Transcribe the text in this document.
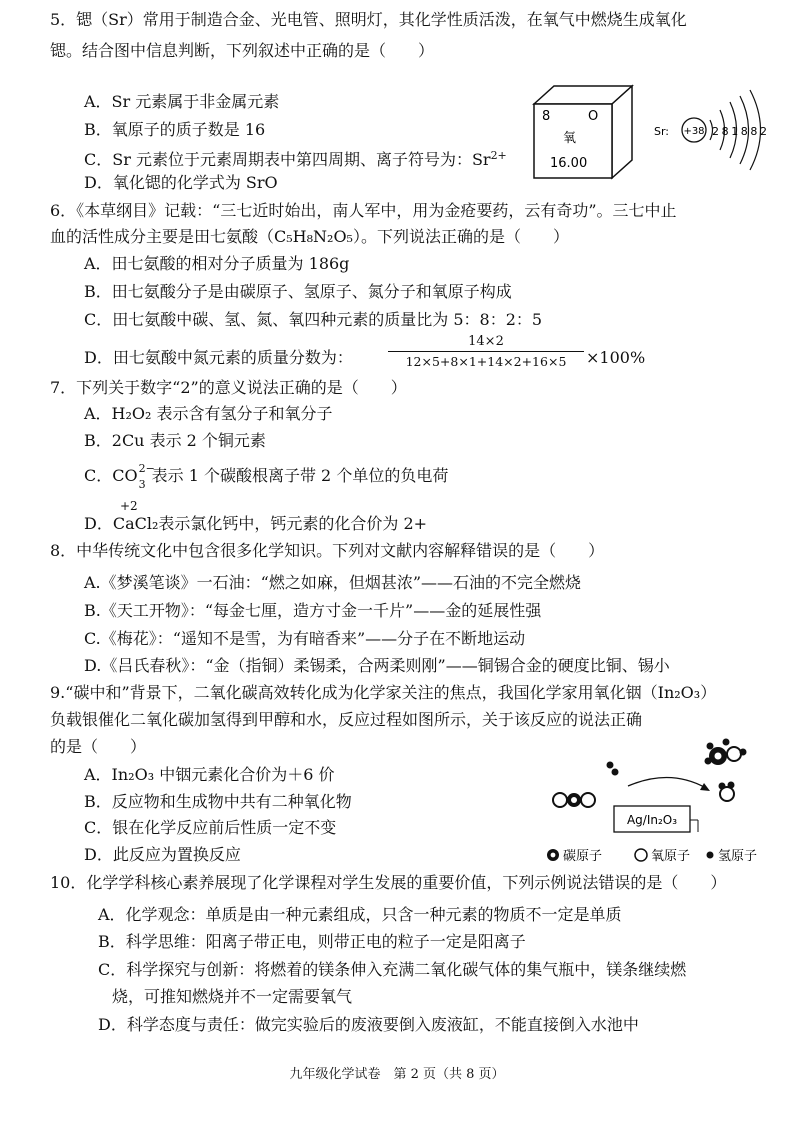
5．锶（Sr）常用于制造合金、光电管、照明灯，其化学性质活泼，在氧气中燃烧生成氧化
锶。结合图中信息判断，下列叙述中正确的是（　　）
A．Sr 元素属于非金属元素
B．氧原子的质子数是 16
C．Sr 元素位于元素周期表中第四周期、离子符号为：$Sr^{2+}$
D．氧化锶的化学式为 SrO
8	O
氧
16.00
Sr: +38 281882
6．《本草纲目》记载：“三七近时始出，南人军中，用为金疮要药，云有奇功”。三七中止
血的活性成分主要是田七氨酸（C₅H₈N₂O₅）。下列说法正确的是（　　）
A．田七氨酸的相对分子质量为 186g
B．田七氨酸分子是由碳原子、氢原子、氮分子和氧原子构成
C．田七氨酸中碳、氢、氮、氧四种元素的质量比为 5：8：2：5
D．田七氨酸中氮元素的质量分数为：
14×2
12×5+8×1+14×2+16×5	×100%
7．下列关于数字“2”的意义说法正确的是（　　）
A．H₂O₂ 表示含有氢分子和氧分子
B．2Cu 表示 2 个铜元素
C．CO 2−
3 表示 1 个碳酸根离子带 2 个单位的负电荷
+2
D．CaCl₂表示氯化钙中，钙元素的化合价为 2+
8．中华传统文化中包含很多化学知识。下列对文献内容解释错误的是（　　）
A.《梦溪笔谈》一石油：“燃之如麻，但烟甚浓”——石油的不完全燃烧
B.《天工开物》：“每金七厘，造方寸金一千片”——金的延展性强
C.《梅花》：“遥知不是雪，为有暗香来”——分子在不断地运动
D.《吕氏春秋》：“金（指铜）柔锡柔，合两柔则刚”——铜锡合金的硬度比铜、锡小
9.“碳中和”背景下，二氧化碳高效转化成为化学家关注的焦点，我国化学家用氧化铟（In₂O₃）
负载银催化二氧化碳加氢得到甲醇和水，反应过程如图所示，关于该反应的说法正确
的是（　　）
A．In₂O₃ 中铟元素化合价为＋6 价
B．反应物和生成物中共有二种氧化物
C．银在化学反应前后性质一定不变
D．此反应为置换反应
Ag/In₂O₃
碳原子	氧原子 氢原子
10．化学学科核心素养展现了化学课程对学生发展的重要价值，下列示例说法错误的是（　　）
A．化学观念：单质是由一种元素组成，只含一种元素的物质不一定是单质
B．科学思维：阳离子带正电，则带正电的粒子一定是阳离子
C．科学探究与创新：将燃着的镁条伸入充满二氧化碳气体的集气瓶中，镁条继续燃
烧，可推知燃烧并不一定需要氧气
D．科学态度与责任：做完实验后的废液要倒入废液缸，不能直接倒入水池中
九年级化学试卷　第 2 页（共 8 页）
